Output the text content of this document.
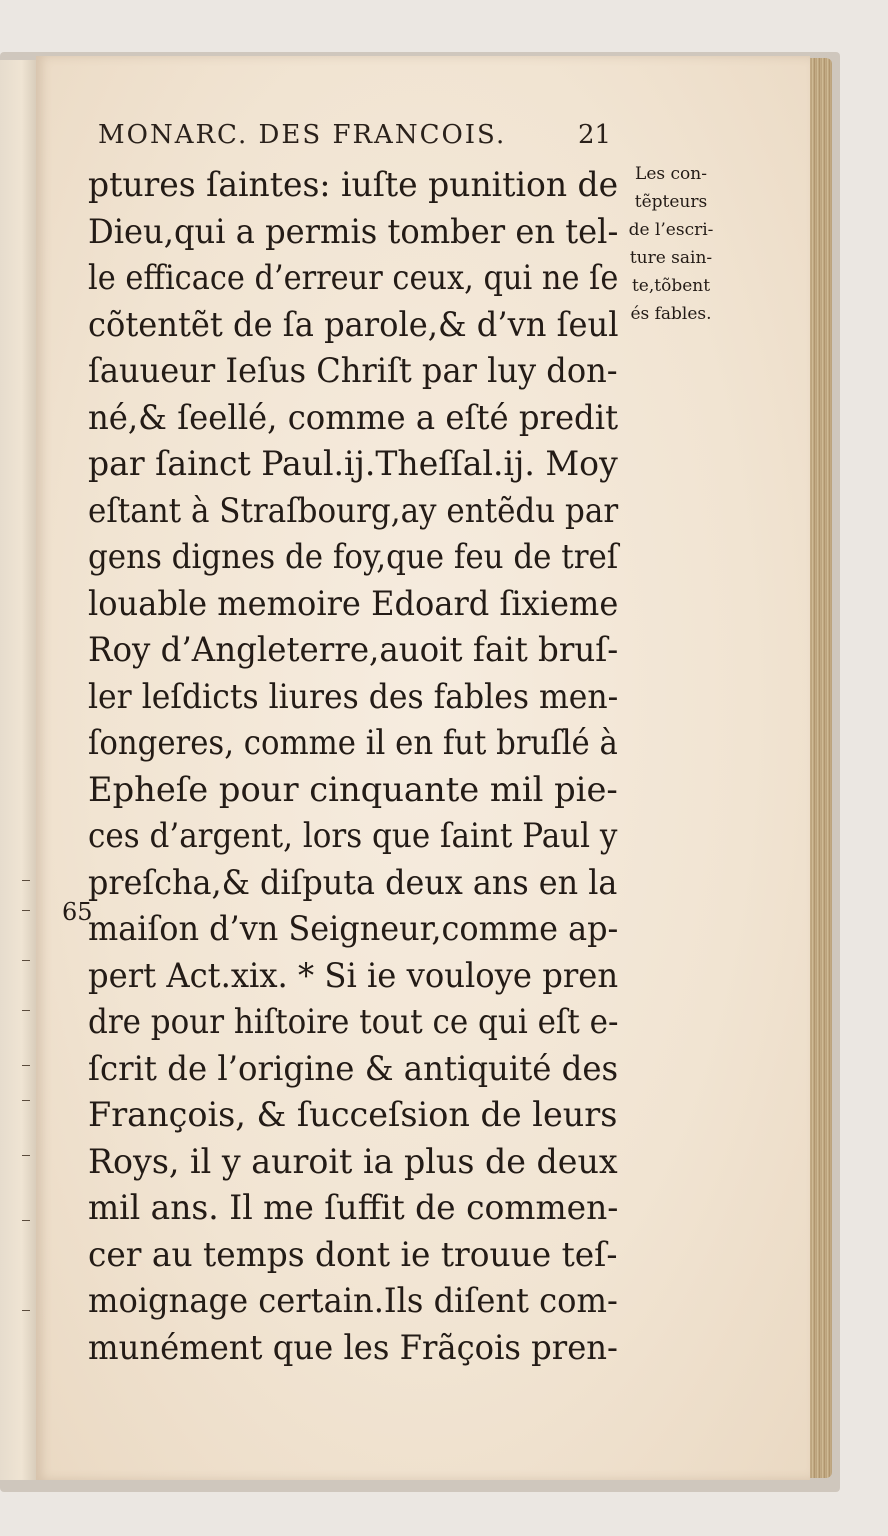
MONARC. DES FRANCOIS.	21
Les con-
tẽpteurs
de l’escri-
ture sain-
te,tõbent
és fables.
65
ptures ſaintes: iuſte punition de
Dieu,qui a permis tomber en tel-
le efficace d’erreur ceux, qui ne ſe
cõtentẽt de ſa parole,& d’vn ſeul
ſauueur Ieſus Chriſt par luy don-
né,& ſeellé, comme a eſté predit
par ſainct Paul.ij.Theſſal.ij. Moy
eſtant à Straſbourg,ay entẽdu par
gens dignes de foy,que feu de treſ
louable memoire Edoard ſixieme
Roy d’Angleterre,auoit fait bruſ-
ler leſdicts liures des fables men-
ſongeres, comme il en fut bruſlé à
Epheſe pour cinquante mil pie-
ces d’argent, lors que ſaint Paul y
preſcha,& diſputa deux ans en la
maiſon d’vn Seigneur,comme ap-
pert Act.xix. * Si ie vouloye pren
dre pour hiſtoire tout ce qui eſt e-
ſcrit de l’origine & antiquité des
François, & ſucceſsion de leurs
Roys, il y auroit ia plus de deux
mil ans. Il me ſuffit de commen-
cer au temps dont ie trouue teſ-
moignage certain.Ils diſent com-
munément que les Frãçois pren-
